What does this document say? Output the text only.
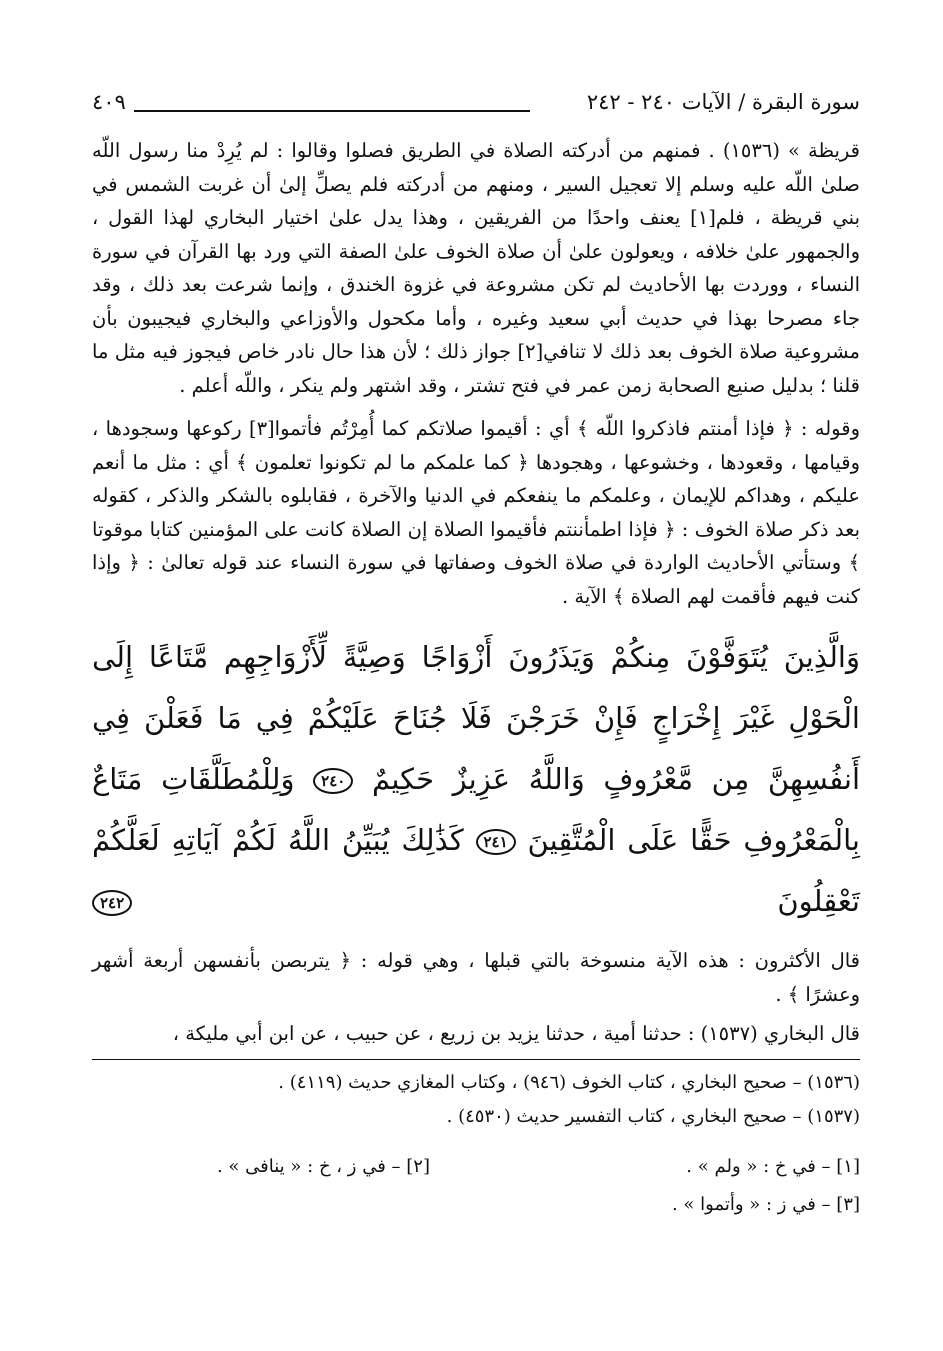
سورة البقرة / الآيات ٢٤٠ - ٢٤٢
٤٠٩

قريظة » (١٥٣٦) . فمنهم من أدركته الصلاة في الطريق فصلوا وقالوا : لم يُرِدْ منا رسول اللّه صلىٰ اللّه عليه وسلم إلا تعجيل السير ، ومنهم من أدركته فلم يصلِّ إلىٰ أن غربت الشمس في بني قريظة ، فلم[١] يعنف واحدًا من الفريقين ، وهذا يدل علىٰ اختيار البخاري لهذا القول ، والجمهور علىٰ خلافه ، ويعولون علىٰ أن صلاة الخوف علىٰ الصفة التي ورد بها القرآن في سورة النساء ، ووردت بها الأحاديث لم تكن مشروعة في غزوة الخندق ، وإنما شرعت بعد ذلك ، وقد جاء مصرحا بهذا في حديث أبي سعيد وغيره ، وأما مكحول والأوزاعي والبخاري فيجيبون بأن مشروعية صلاة الخوف بعد ذلك لا تنافي[٢] جواز ذلك ؛ لأن هذا حال نادر خاص فيجوز فيه مثل ما قلنا ؛ بدليل صنيع الصحابة زمن عمر في فتح تشتر ، وقد اشتهر ولم ينكر ، واللّه أعلم .

وقوله : ﴿ فإذا أمنتم فاذكروا اللّه ﴾ أي : أقيموا صلاتكم كما أُمِرْتُم فأتموا[٣] ركوعها وسجودها ، وقيامها ، وقعودها ، وخشوعها ، وهجودها ﴿ كما علمكم ما لم تكونوا تعلمون ﴾ أي : مثل ما أنعم عليكم ، وهداكم للإيمان ، وعلمكم ما ينفعكم في الدنيا والآخرة ، فقابلوه بالشكر والذكر ، كقوله بعد ذكر صلاة الخوف : ﴿ فإذا اطمأننتم فأقيموا الصلاة إن الصلاة كانت على المؤمنين كتابا موقوتا ﴾ وستأتي الأحاديث الواردة في صلاة الخوف وصفاتها في سورة النساء عند قوله تعالىٰ : ﴿ وإذا كنت فيهم فأقمت لهم الصلاة ﴾ الآية .

وَالَّذِينَ يُتَوَفَّوْنَ مِنكُمْ وَيَذَرُونَ أَزْوَاجًا وَصِيَّةً لِّأَزْوَاجِهِم مَّتَاعًا إِلَى الْحَوْلِ غَيْرَ إِخْرَاجٍ فَإِنْ خَرَجْنَ فَلَا جُنَاحَ عَلَيْكُمْ فِي مَا فَعَلْنَ فِي أَنفُسِهِنَّ مِن مَّعْرُوفٍ وَاللَّهُ عَزِيزٌ حَكِيمٌ ٢٤٠ وَلِلْمُطَلَّقَاتِ مَتَاعٌ بِالْمَعْرُوفِ حَقًّا عَلَى الْمُتَّقِينَ ٢٤١ كَذَٰلِكَ يُبَيِّنُ اللَّهُ لَكُمْ آيَاتِهِ لَعَلَّكُمْ تَعْقِلُونَ ٢٤٢

قال الأكثرون : هذه الآية منسوخة بالتي قبلها ، وهي قوله : ﴿ يتربصن بأنفسهن أربعة أشهر وعشرًا ﴾ .

قال البخاري (١٥٣٧) : حدثنا أمية ، حدثنا يزيد بن زريع ، عن حبيب ، عن ابن أبي مليكة ،

(١٥٣٦) – صحيح البخاري ، كتاب الخوف (٩٤٦) ، وكتاب المغازي حديث (٤١١٩) .

(١٥٣٧) – صحيح البخاري ، كتاب التفسير حديث (٤٥٣٠) .

[١] – في خ : « ولم » .
[٢] – في ز ، خ : « ينافى » .
[٣] – في ز : « وأتموا » .
